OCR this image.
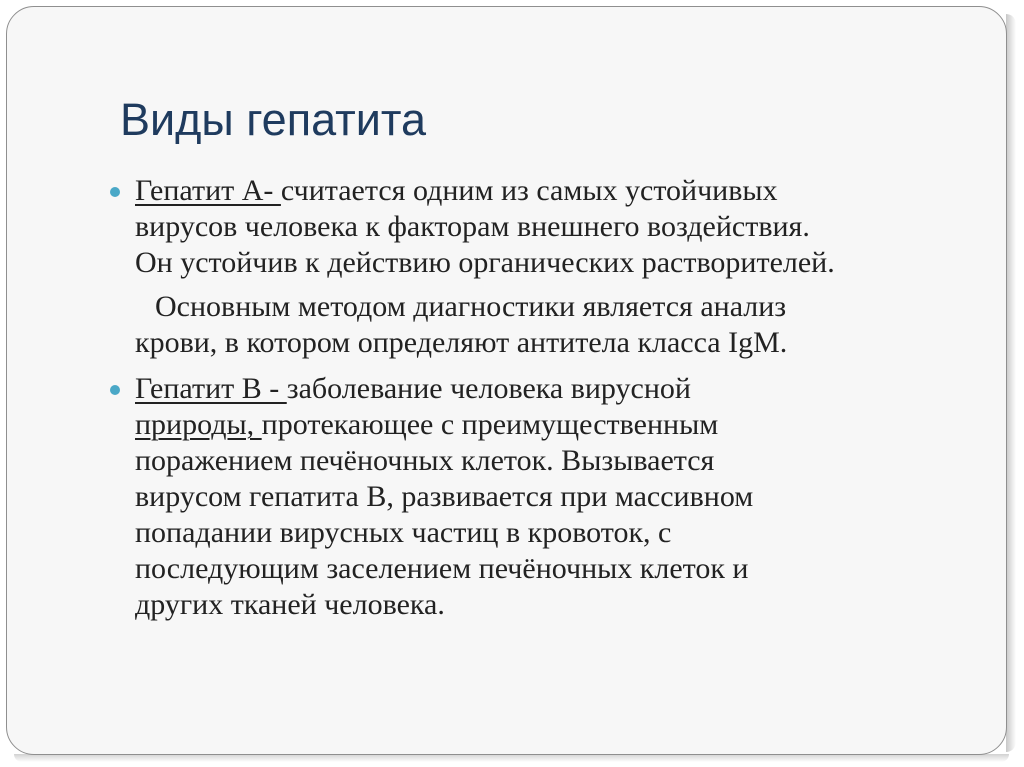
Виды гепатита
Гепатит А- считается одним из самых устойчивых
вирусов человека к факторам внешнего воздействия.
Он устойчив к действию органических растворителей.
Основным методом диагностики является анализ
крови, в котором определяют антитела класса IgM.
Гепатит В - заболевание человека вирусной
природы, протекающее с преимущественным
поражением печёночных клеток. Вызывается
вирусом гепатита В, развивается при массивном
попадании вирусных частиц в кровоток, с
последующим заселением печёночных клеток и
других тканей человека.
